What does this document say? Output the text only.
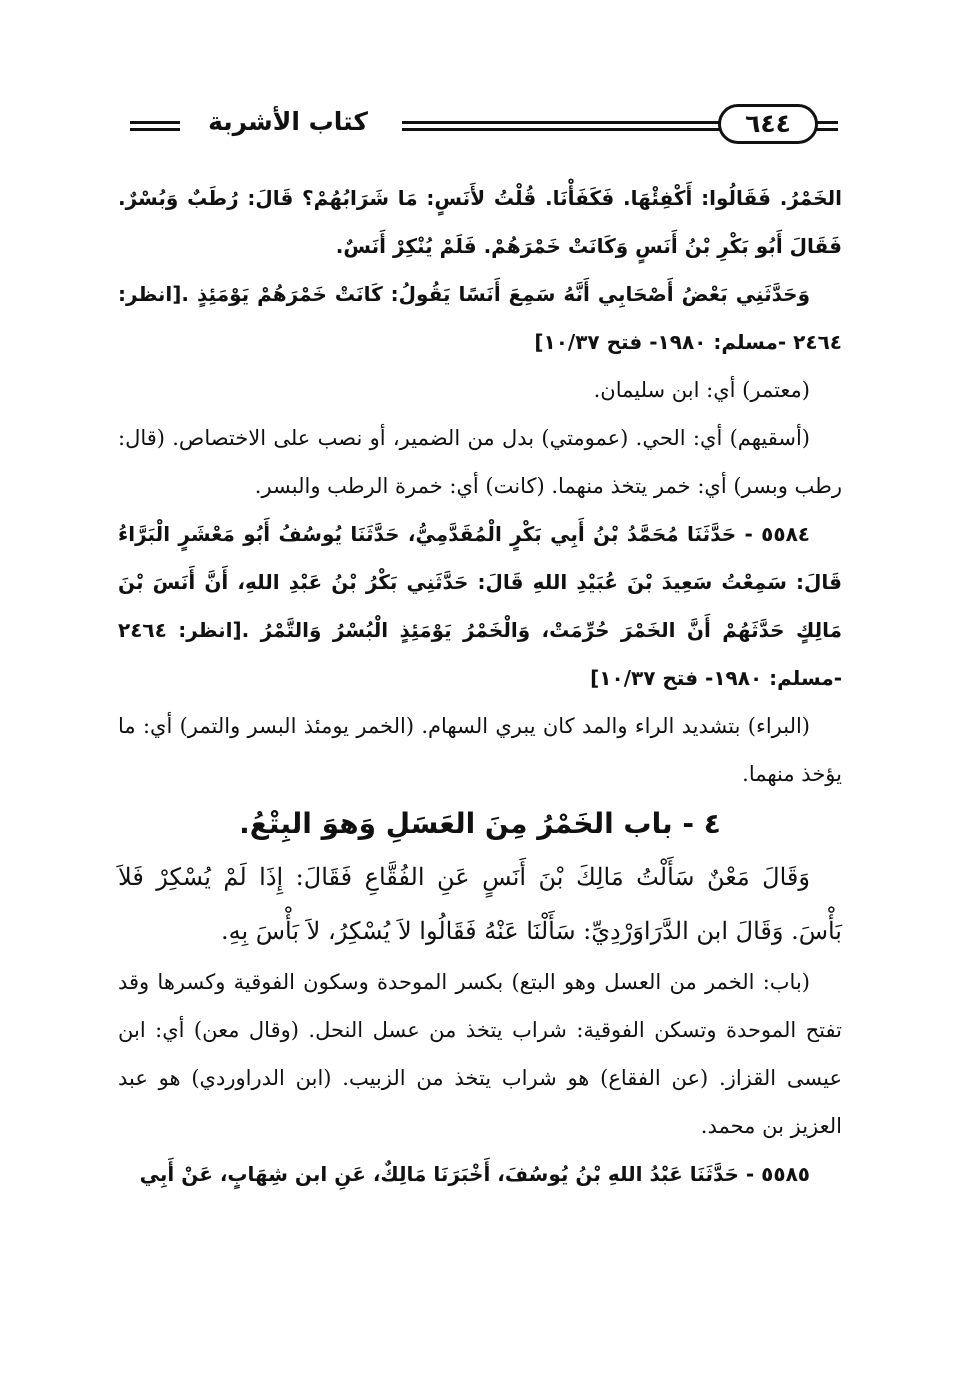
كتاب الأشربة	٦٤٤

الخَمْرُ. فَقَالُوا: أَكْفِئْهَا. فَكَفَأْنَا. قُلْتُ لأَنَسٍ: مَا شَرَابُهُمْ؟ قَالَ: رُطَبٌ وَبُسْرٌ. فَقَالَ أَبُو بَكْرِ بْنُ أَنَسٍ وَكَانَتْ خَمْرَهُمْ. فَلَمْ يُنْكِرْ أَنَسٌ.

وَحَدَّثَنِي بَعْضُ أَصْحَابِي أَنَّهُ سَمِعَ أَنَسًا يَقُولُ: كَانَتْ خَمْرَهُمْ يَوْمَئِذٍ .[انظر: ٢٤٦٤ -مسلم: ١٩٨٠- فتح ١٠/٣٧]

(معتمر) أي: ابن سليمان.

(أسقيهم) أي: الحي. (عمومتي) بدل من الضمير، أو نصب على الاختصاص. (قال: رطب وبسر) أي: خمر يتخذ منهما. (كانت) أي: خمرة الرطب والبسر.

٥٥٨٤ - حَدَّثَنَا مُحَمَّدُ بْنُ أَبِي بَكْرٍ الْمُقَدَّمِيُّ، حَدَّثَنَا يُوسُفُ أَبُو مَعْشَرٍ الْبَرَّاءُ قَالَ: سَمِعْتُ سَعِيدَ بْنَ عُبَيْدِ اللهِ قَالَ: حَدَّثَنِي بَكْرُ بْنُ عَبْدِ اللهِ، أَنَّ أَنَسَ بْنَ مَالِكٍ حَدَّثَهُمْ أَنَّ الخَمْرَ حُرِّمَتْ، وَالْخَمْرُ يَوْمَئِذٍ الْبُسْرُ وَالتَّمْرُ .[انظر: ٢٤٦٤ -مسلم: ١٩٨٠- فتح ١٠/٣٧]

(البراء) بتشديد الراء والمد كان يبري السهام. (الخمر يومئذ البسر والتمر) أي: ما يؤخذ منهما.

٤ - باب الخَمْرُ مِنَ العَسَلِ وَهوَ البِتْعُ.

وَقَالَ مَعْنٌ سَأَلْتُ مَالِكَ بْنَ أَنَسٍ عَنِ الفُقَّاعِ فَقَالَ: إِذَا لَمْ يُسْكِرْ فَلاَ بَأْسَ. وَقَالَ ابن الدَّرَاوَرْدِيِّ: سَأَلْنَا عَنْهُ فَقَالُوا لاَ يُسْكِرُ، لاَ بَأْسَ بِهِ.

(باب: الخمر من العسل وهو البتع) بكسر الموحدة وسكون الفوقية وكسرها وقد تفتح الموحدة وتسكن الفوقية: شراب يتخذ من عسل النحل. (وقال معن) أي: ابن عيسى القزاز. (عن الفقاع) هو شراب يتخذ من الزبيب. (ابن الدراوردي) هو عبد العزيز بن محمد.

٥٥٨٥ - حَدَّثَنَا عَبْدُ اللهِ بْنُ يُوسُفَ، أَخْبَرَنَا مَالِكٌ، عَنِ ابن شِهَابٍ، عَنْ أَبِي
